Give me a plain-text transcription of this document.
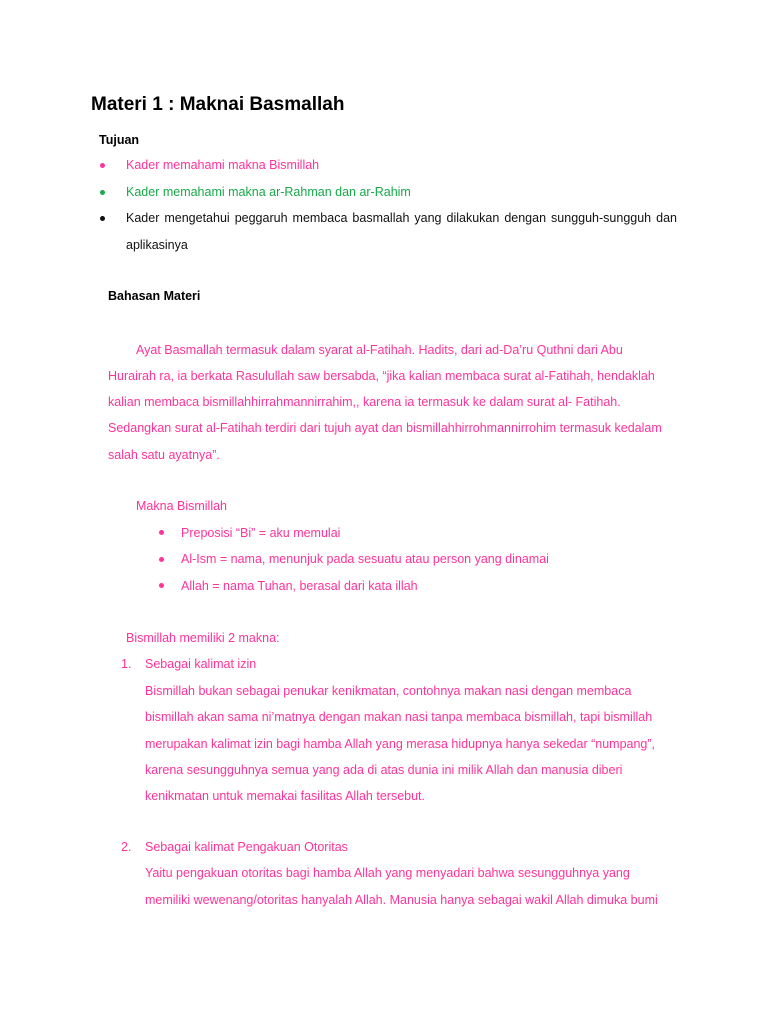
Materi 1 : Maknai Basmallah
Tujuan
Kader memahami makna Bismillah
Kader memahami makna ar-Rahman dan ar-Rahim
Kader mengetahui peggaruh membaca basmallah yang dilakukan dengan sungguh-sungguh dan
aplikasinya
Bahasan Materi
Ayat Basmallah termasuk dalam syarat al-Fatihah. Hadits, dari ad-Da’ru Quthni dari Abu
Hurairah ra, ia berkata Rasulullah saw bersabda, “jika kalian membaca surat al-Fatihah, hendaklah
kalian membaca bismillahhirrahmannirrahim,, karena ia termasuk ke dalam surat al- Fatihah.
Sedangkan surat al-Fatihah terdiri dari tujuh ayat dan bismillahhirrohmannirrohim termasuk kedalam
salah satu ayatnya”.
Makna Bismillah
Preposisi “Bi” = aku memulai
Al-Ism = nama, menunjuk pada sesuatu atau person yang dinamai
Allah = nama Tuhan, berasal dari kata illah
Bismillah memiliki 2 makna:
1. Sebagai kalimat izin
Bismillah bukan sebagai penukar kenikmatan, contohnya makan nasi dengan membaca
bismillah akan sama ni’matnya dengan makan nasi tanpa membaca bismillah, tapi bismillah
merupakan kalimat izin bagi hamba Allah yang merasa hidupnya hanya sekedar “numpang”,
karena sesungguhnya semua yang ada di atas dunia ini milik Allah dan manusia diberi
kenikmatan untuk memakai fasilitas Allah tersebut.
2. Sebagai kalimat Pengakuan Otoritas
Yaitu pengakuan otoritas bagi hamba Allah yang menyadari bahwa sesungguhnya yang
memiliki wewenang/otoritas hanyalah Allah. Manusia hanya sebagai wakil Allah dimuka bumi
